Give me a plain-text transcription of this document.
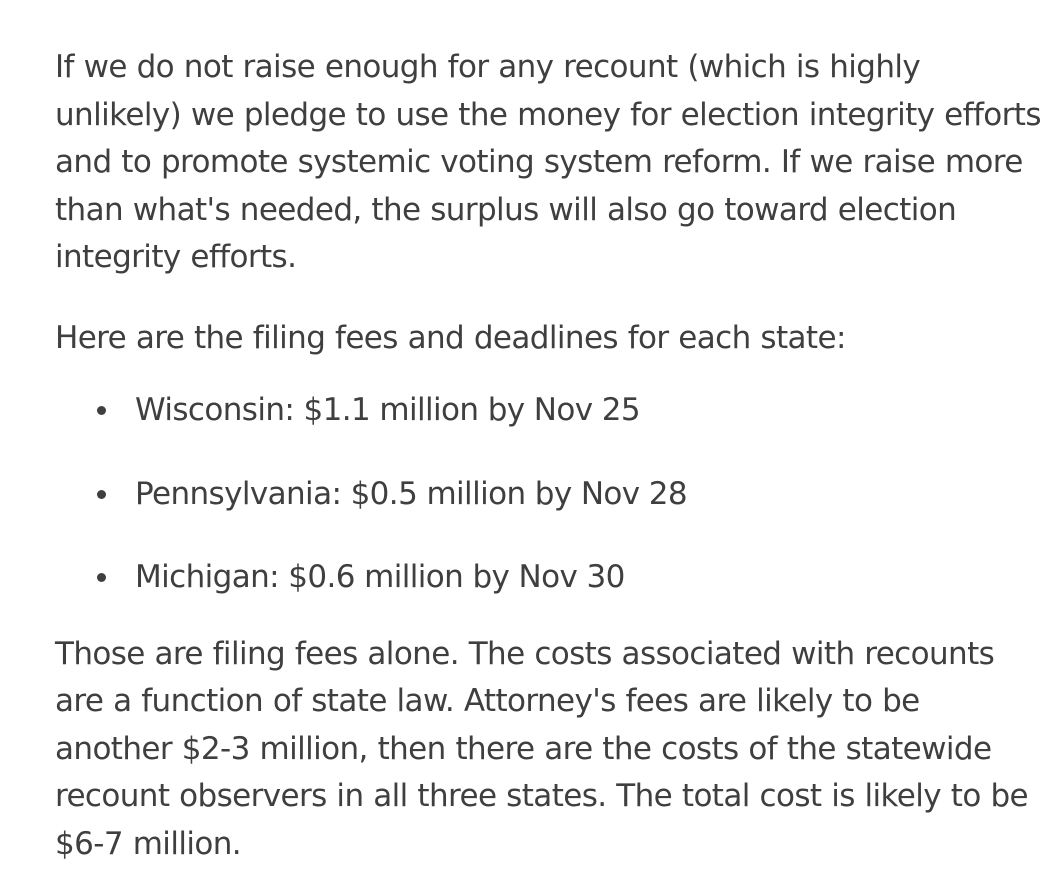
If we do not raise enough for any recount (which is highly unlikely) we pledge to use the money for election integrity efforts and to promote systemic voting system reform. If we raise more than what's needed, the surplus will also go toward election integrity efforts.

Here are the filing fees and deadlines for each state:

Wisconsin: $1.1 million by Nov 25
Pennsylvania: $0.5 million by Nov 28
Michigan: $0.6 million by Nov 30

Those are filing fees alone. The costs associated with recounts are a function of state law. Attorney's fees are likely to be another $2-3 million, then there are the costs of the statewide recount observers in all three states. The total cost is likely to be $6-7 million.
